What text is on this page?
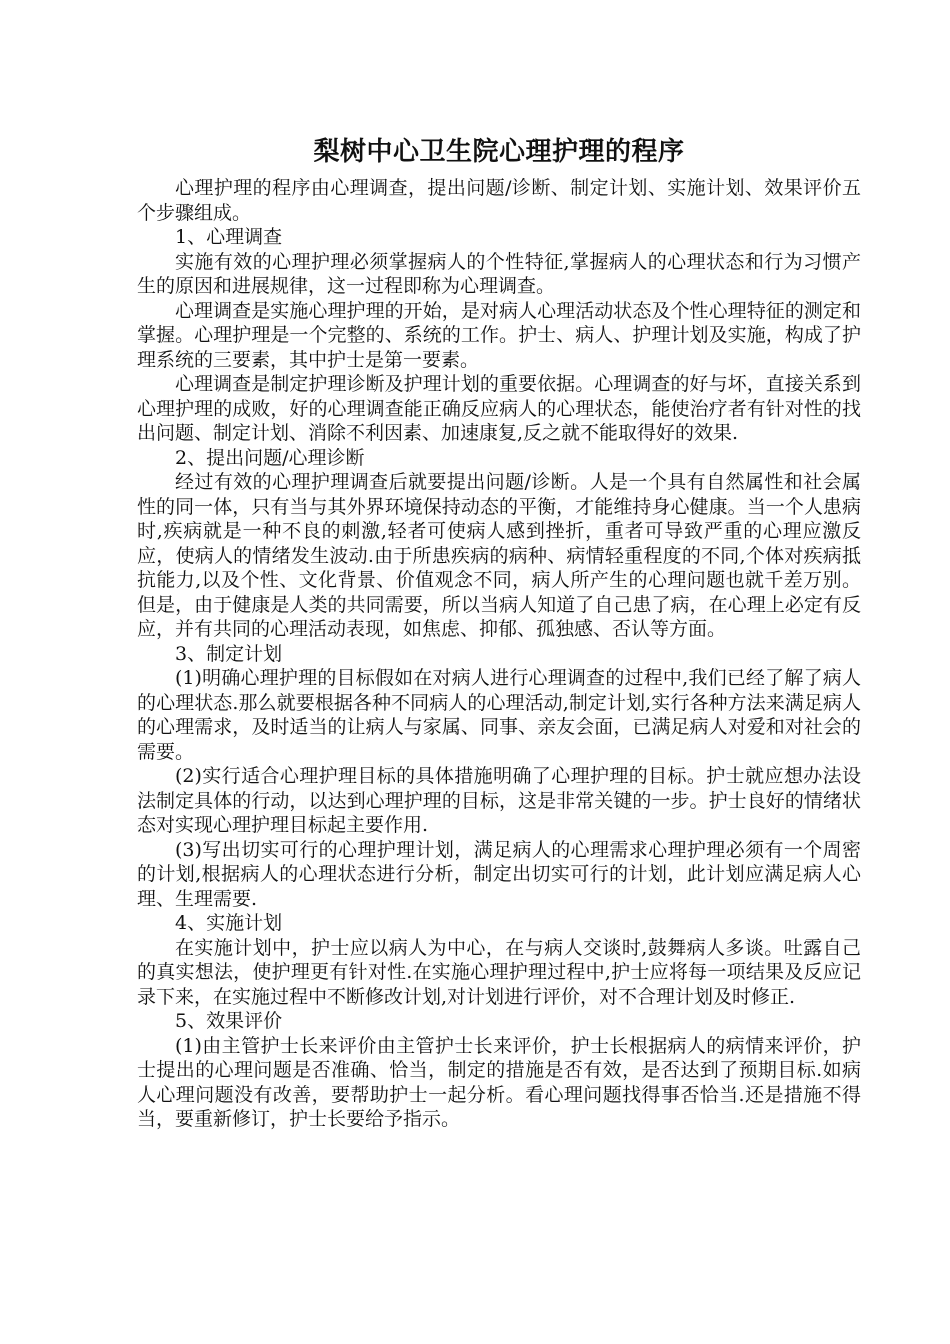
梨树中心卫生院心理护理的程序

心理护理的程序由心理调查，提出问题/诊断、制定计划、实施计划、效果评价五个步骤组成。

1、心理调查

实施有效的心理护理必须掌握病人的个性特征,掌握病人的心理状态和行为习惯产生的原因和进展规律，这一过程即称为心理调查。

心理调查是实施心理护理的开始，是对病人心理活动状态及个性心理特征的测定和掌握。心理护理是一个完整的、系统的工作。护士、病人、护理计划及实施，构成了护理系统的三要素，其中护士是第一要素。

心理调查是制定护理诊断及护理计划的重要依据。心理调查的好与坏，直接关系到心理护理的成败，好的心理调查能正确反应病人的心理状态，能使治疗者有针对性的找出问题、制定计划、消除不利因素、加速康复,反之就不能取得好的效果.

2、提出问题/心理诊断

经过有效的心理护理调查后就要提出问题/诊断。人是一个具有自然属性和社会属性的同一体，只有当与其外界环境保持动态的平衡，才能维持身心健康。当一个人患病时,疾病就是一种不良的刺激,轻者可使病人感到挫折，重者可导致严重的心理应激反应，使病人的情绪发生波动.由于所患疾病的病种、病情轻重程度的不同,个体对疾病抵抗能力,以及个性、文化背景、价值观念不同，病人所产生的心理问题也就千差万别。但是，由于健康是人类的共同需要，所以当病人知道了自己患了病，在心理上必定有反应，并有共同的心理活动表现，如焦虑、抑郁、孤独感、否认等方面。

3、制定计划

(1)明确心理护理的目标假如在对病人进行心理调查的过程中,我们已经了解了病人的心理状态.那么就要根据各种不同病人的心理活动,制定计划,实行各种方法来满足病人的心理需求，及时适当的让病人与家属、同事、亲友会面，已满足病人对爱和对社会的需要。

(2)实行适合心理护理目标的具体措施明确了心理护理的目标。护士就应想办法设法制定具体的行动，以达到心理护理的目标，这是非常关键的一步。护士良好的情绪状态对实现心理护理目标起主要作用.

(3)写出切实可行的心理护理计划，满足病人的心理需求心理护理必须有一个周密的计划,根据病人的心理状态进行分析，制定出切实可行的计划，此计划应满足病人心理、生理需要.

4、实施计划

在实施计划中，护士应以病人为中心，在与病人交谈时,鼓舞病人多谈。吐露自己的真实想法，使护理更有针对性.在实施心理护理过程中,护士应将每一项结果及反应记录下来，在实施过程中不断修改计划,对计划进行评价，对不合理计划及时修正.

5、效果评价

(1)由主管护士长来评价由主管护士长来评价，护士长根据病人的病情来评价，护士提出的心理问题是否准确、恰当，制定的措施是否有效，是否达到了预期目标.如病人心理问题没有改善，要帮助护士一起分析。看心理问题找得事否恰当.还是措施不得当，要重新修订，护士长要给予指示。
